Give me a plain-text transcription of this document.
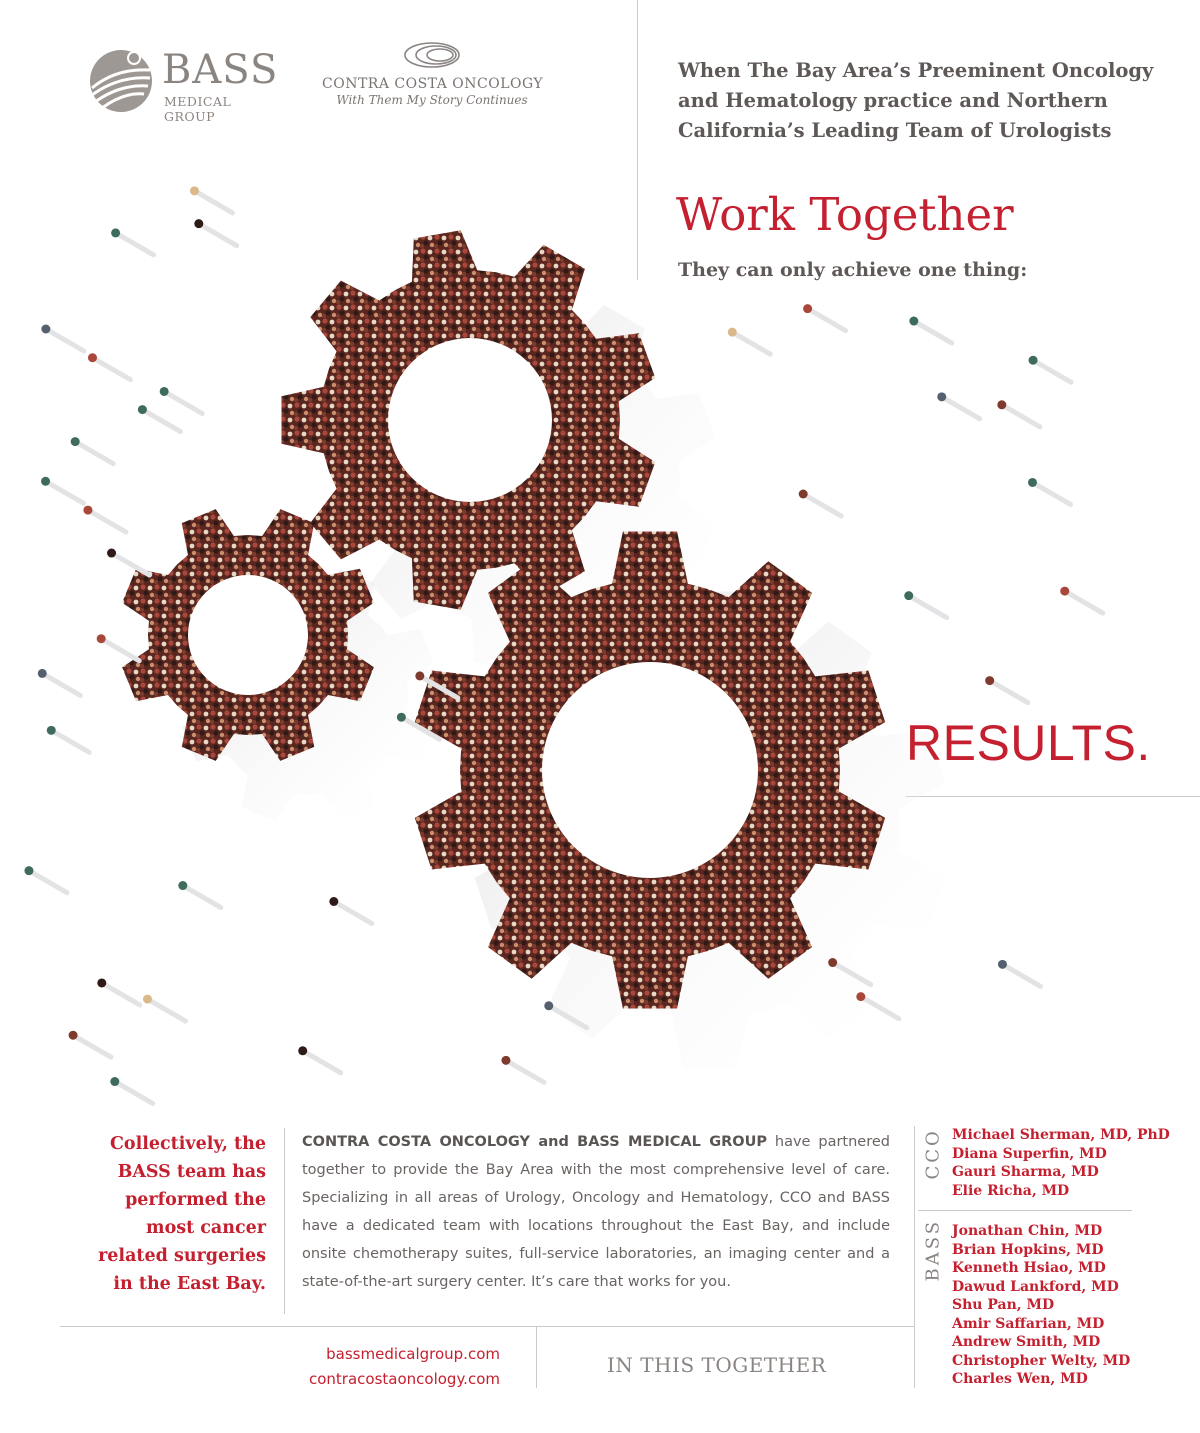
BASS
MEDICAL GROUP
CONTRA COSTA ONCOLOGY
With Them My Story Continues
When The Bay Area’s Preeminent Oncology and Hematology practice and Northern California’s Leading Team of Urologists
Work Together
They can only achieve one thing:
RESULTS.
Collectively, the BASS team has performed the most cancer related surgeries in the East Bay.
CONTRA COSTA ONCOLOGY and BASS MEDICAL GROUP have partnered together to provide the Bay Area with the most comprehensive level of care. Specializing in all areas of Urology, Oncology and Hematology, CCO and BASS have a dedicated team with locations throughout the East Bay, and include onsite chemotherapy suites, full-service laboratories, an imaging center and a state-of-the-art surgery center. It’s care that works for you.
CCO Michael Sherman, MD, PhD
Diana Superfin, MD
Gauri Sharma, MD
Elie Richa, MD
BASS Jonathan Chin, MD
Brian Hopkins, MD
Kenneth Hsiao, MD
Dawud Lankford, MD
Shu Pan, MD
Amir Saffarian, MD
Andrew Smith, MD
Christopher Welty, MD
Charles Wen, MD
bassmedicalgroup.com
contracostaoncology.com
IN THIS TOGETHER
